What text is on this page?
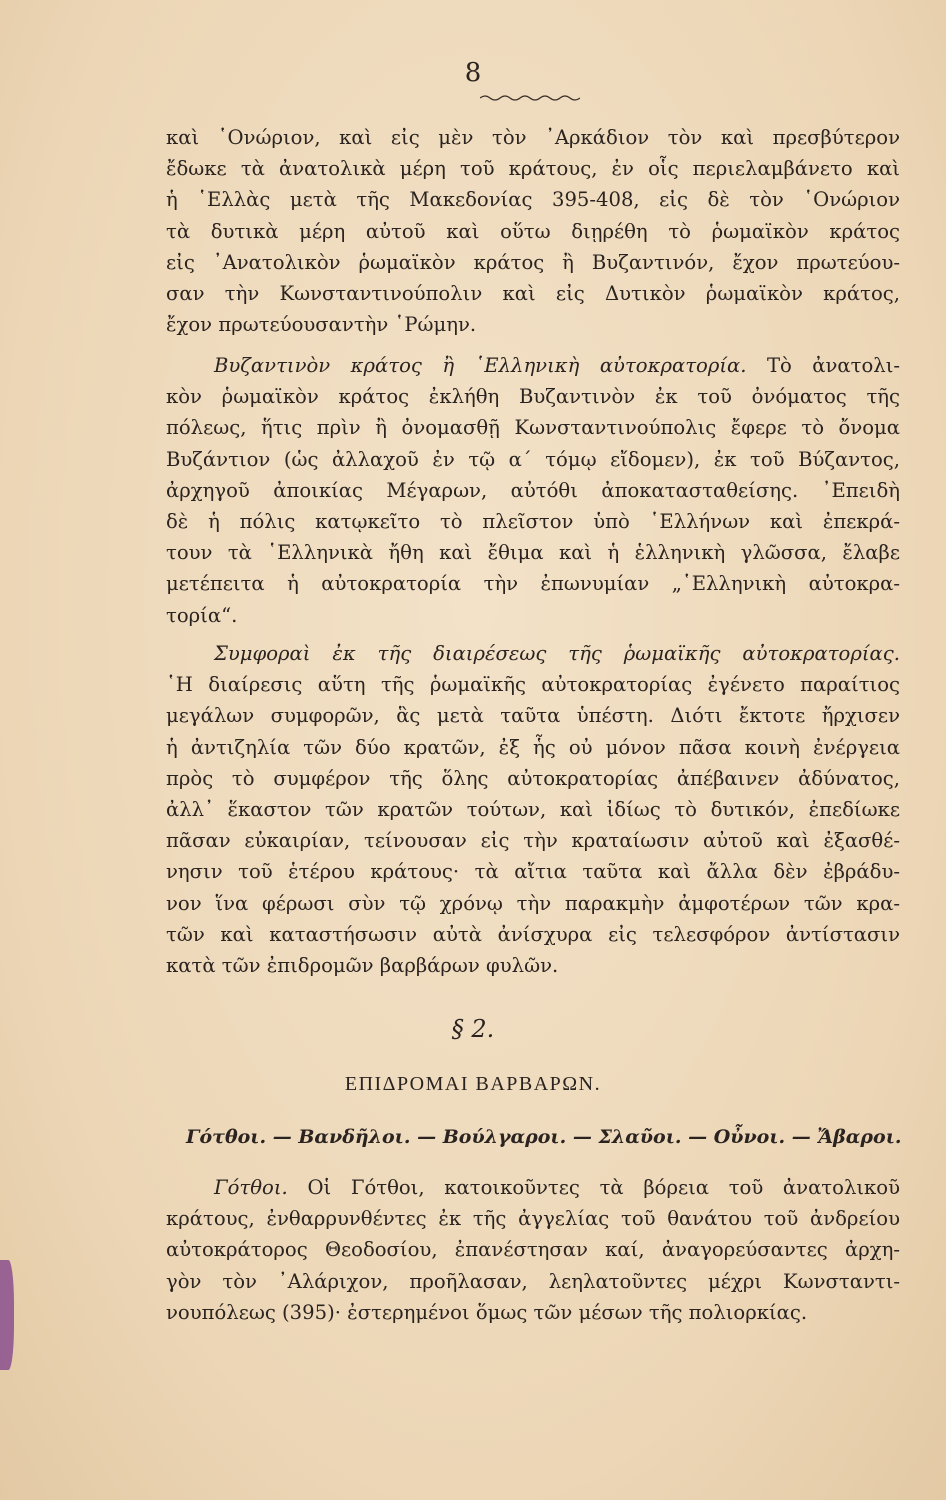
8
καὶ ῾Ονώριον, καὶ εἰς μὲν τὸν ᾿Αρκάδιον τὸν καὶ πρεσβύτερον
ἔδωκε τὰ ἀνατολικὰ μέρη τοῦ κράτους, ἐν οἷς περιελαμβάνετο καὶ
ἡ ῾Ελλὰς μετὰ τῆς Μακεδονίας 395-408, εἰς δὲ τὸν ῾Ονώριον
τὰ δυτικὰ μέρη αὐτοῦ καὶ οὕτω διῃρέθη τὸ ῥωμαϊκὸν κράτος
εἰς ᾿Ανατολικὸν ῥωμαϊκὸν κράτος ἢ Βυζαντινόν, ἔχον πρωτεύου-
σαν τὴν Κωνσταντινούπολιν καὶ εἰς Δυτικὸν ῥωμαϊκὸν κράτος,
ἔχον πρωτεύουσαντὴν ῾Ρώμην.
Βυζαντινὸν κράτος ἢ ῾Ελληνικὴ αὐτοκρατορία. Τὸ ἀνατολι-
κὸν ῥωμαϊκὸν κράτος ἐκλήθη Βυζαντινὸν ἐκ τοῦ ὀνόματος τῆς
πόλεως, ἥτις πρὶν ἢ ὀνομασθῇ Κωνσταντινούπολις ἔφερε τὸ ὄνομα
Βυζάντιον (ὡς ἀλλαχοῦ ἐν τῷ α΄ τόμῳ εἴδομεν), ἐκ τοῦ Βύζαντος,
ἀρχηγοῦ ἀποικίας Μέγαρων, αὐτόθι ἀποκατασταθείσης. ᾿Επειδὴ
δὲ ἡ πόλις κατῳκεῖτο τὸ πλεῖστον ὑπὸ ῾Ελλήνων καὶ ἐπεκρά-
τουν τὰ ῾Ελληνικὰ ἤθη καὶ ἔθιμα καὶ ἡ ἑλληνικὴ γλῶσσα, ἔλαβε
μετέπειτα ἡ αὐτοκρατορία τὴν ἐπωνυμίαν „῾Ελληνικὴ αὐτοκρα-
τορία“.
Συμφοραὶ ἐκ τῆς διαιρέσεως τῆς ῥωμαϊκῆς αὐτοκρατορίας.
῾Η διαίρεσις αὕτη τῆς ῥωμαϊκῆς αὐτοκρατορίας ἐγένετο παραίτιος
μεγάλων συμφορῶν, ἃς μετὰ ταῦτα ὑπέστη. Διότι ἔκτοτε ἤρχισεν
ἡ ἀντιζηλία τῶν δύο κρατῶν, ἐξ ἧς οὐ μόνον πᾶσα κοινὴ ἐνέργεια
πρὸς τὸ συμφέρον τῆς ὅλης αὐτοκρατορίας ἀπέβαινεν ἀδύνατος,
ἀλλ᾿ ἕκαστον τῶν κρατῶν τούτων, καὶ ἰδίως τὸ δυτικόν, ἐπεδίωκε
πᾶσαν εὐκαιρίαν, τείνουσαν εἰς τὴν κραταίωσιν αὐτοῦ καὶ ἐξασθέ-
νησιν τοῦ ἑτέρου κράτους· τὰ αἴτια ταῦτα καὶ ἄλλα δὲν ἐβράδυ-
νον ἵνα φέρωσι σὺν τῷ χρόνῳ τὴν παρακμὴν ἀμφοτέρων τῶν κρα-
τῶν καὶ καταστήσωσιν αὐτὰ ἀνίσχυρα εἰς τελεσφόρον ἀντίστασιν
κατὰ τῶν ἐπιδρομῶν βαρβάρων φυλῶν.
§ 2.
ΕΠΙΔΡΟΜΑΙ ΒΑΡΒΑΡΩΝ.
Γότθοι. — Βανδῆλοι. — Βούλγαροι. — Σλαῦοι. — Οὖνοι. — Ἄβαροι.
Γότθοι. Οἱ Γότθοι, κατοικοῦντες τὰ βόρεια τοῦ ἀνατολικοῦ
κράτους, ἐνθαρρυνθέντες ἐκ τῆς ἀγγελίας τοῦ θανάτου τοῦ ἀνδρείου
αὐτοκράτορος Θεοδοσίου, ἐπανέστησαν καί, ἀναγορεύσαντες ἀρχη-
γὸν τὸν ᾿Αλάριχον, προῆλασαν, λεηλατοῦντες μέχρι Κωνσταντι-
νουπόλεως (395)· ἐστερημένοι ὅμως τῶν μέσων τῆς πολιορκίας.
